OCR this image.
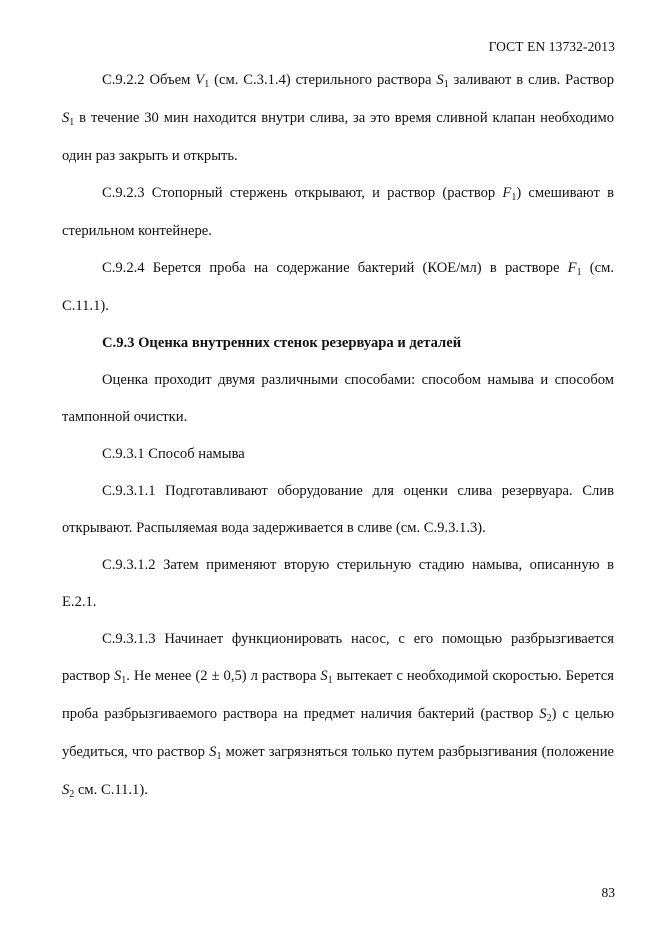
ГОСТ EN 13732-2013

С.9.2.2 Объем $V_1$ (см. С.3.1.4) стерильного раствора $S_1$ заливают в слив. Раствор $S_1$ в течение 30 мин находится внутри слива, за это время сливной клапан необходимо один раз закрыть и открыть.

С.9.2.3 Стопорный стержень открывают, и раствор (раствор $F_1$) смешивают в стерильном контейнере.

С.9.2.4 Берется проба на содержание бактерий (КОЕ/мл) в растворе $F_1$ (см. С.11.1).

С.9.3 Оценка внутренних стенок резервуара и деталей

Оценка проходит двумя различными способами: способом намыва и способом тампонной очистки.

С.9.3.1 Способ намыва

С.9.3.1.1 Подготавливают оборудование для оценки слива резервуара. Слив открывают. Распыляемая вода задерживается в сливе (см. С.9.3.1.3).

С.9.3.1.2 Затем применяют вторую стерильную стадию намыва, описанную в Е.2.1.

С.9.3.1.3 Начинает функционировать насос, с его помощью разбрызгивается раствор $S_1$. Не менее (2 ± 0,5) л раствора $S_1$ вытекает с необходимой скоростью. Берется проба разбрызгиваемого раствора на предмет наличия бактерий (раствор $S_2$) с целью убедиться, что раствор $S_1$ может загрязняться только путем разбрызгивания (положение $S_2$ см. С.11.1).

83
